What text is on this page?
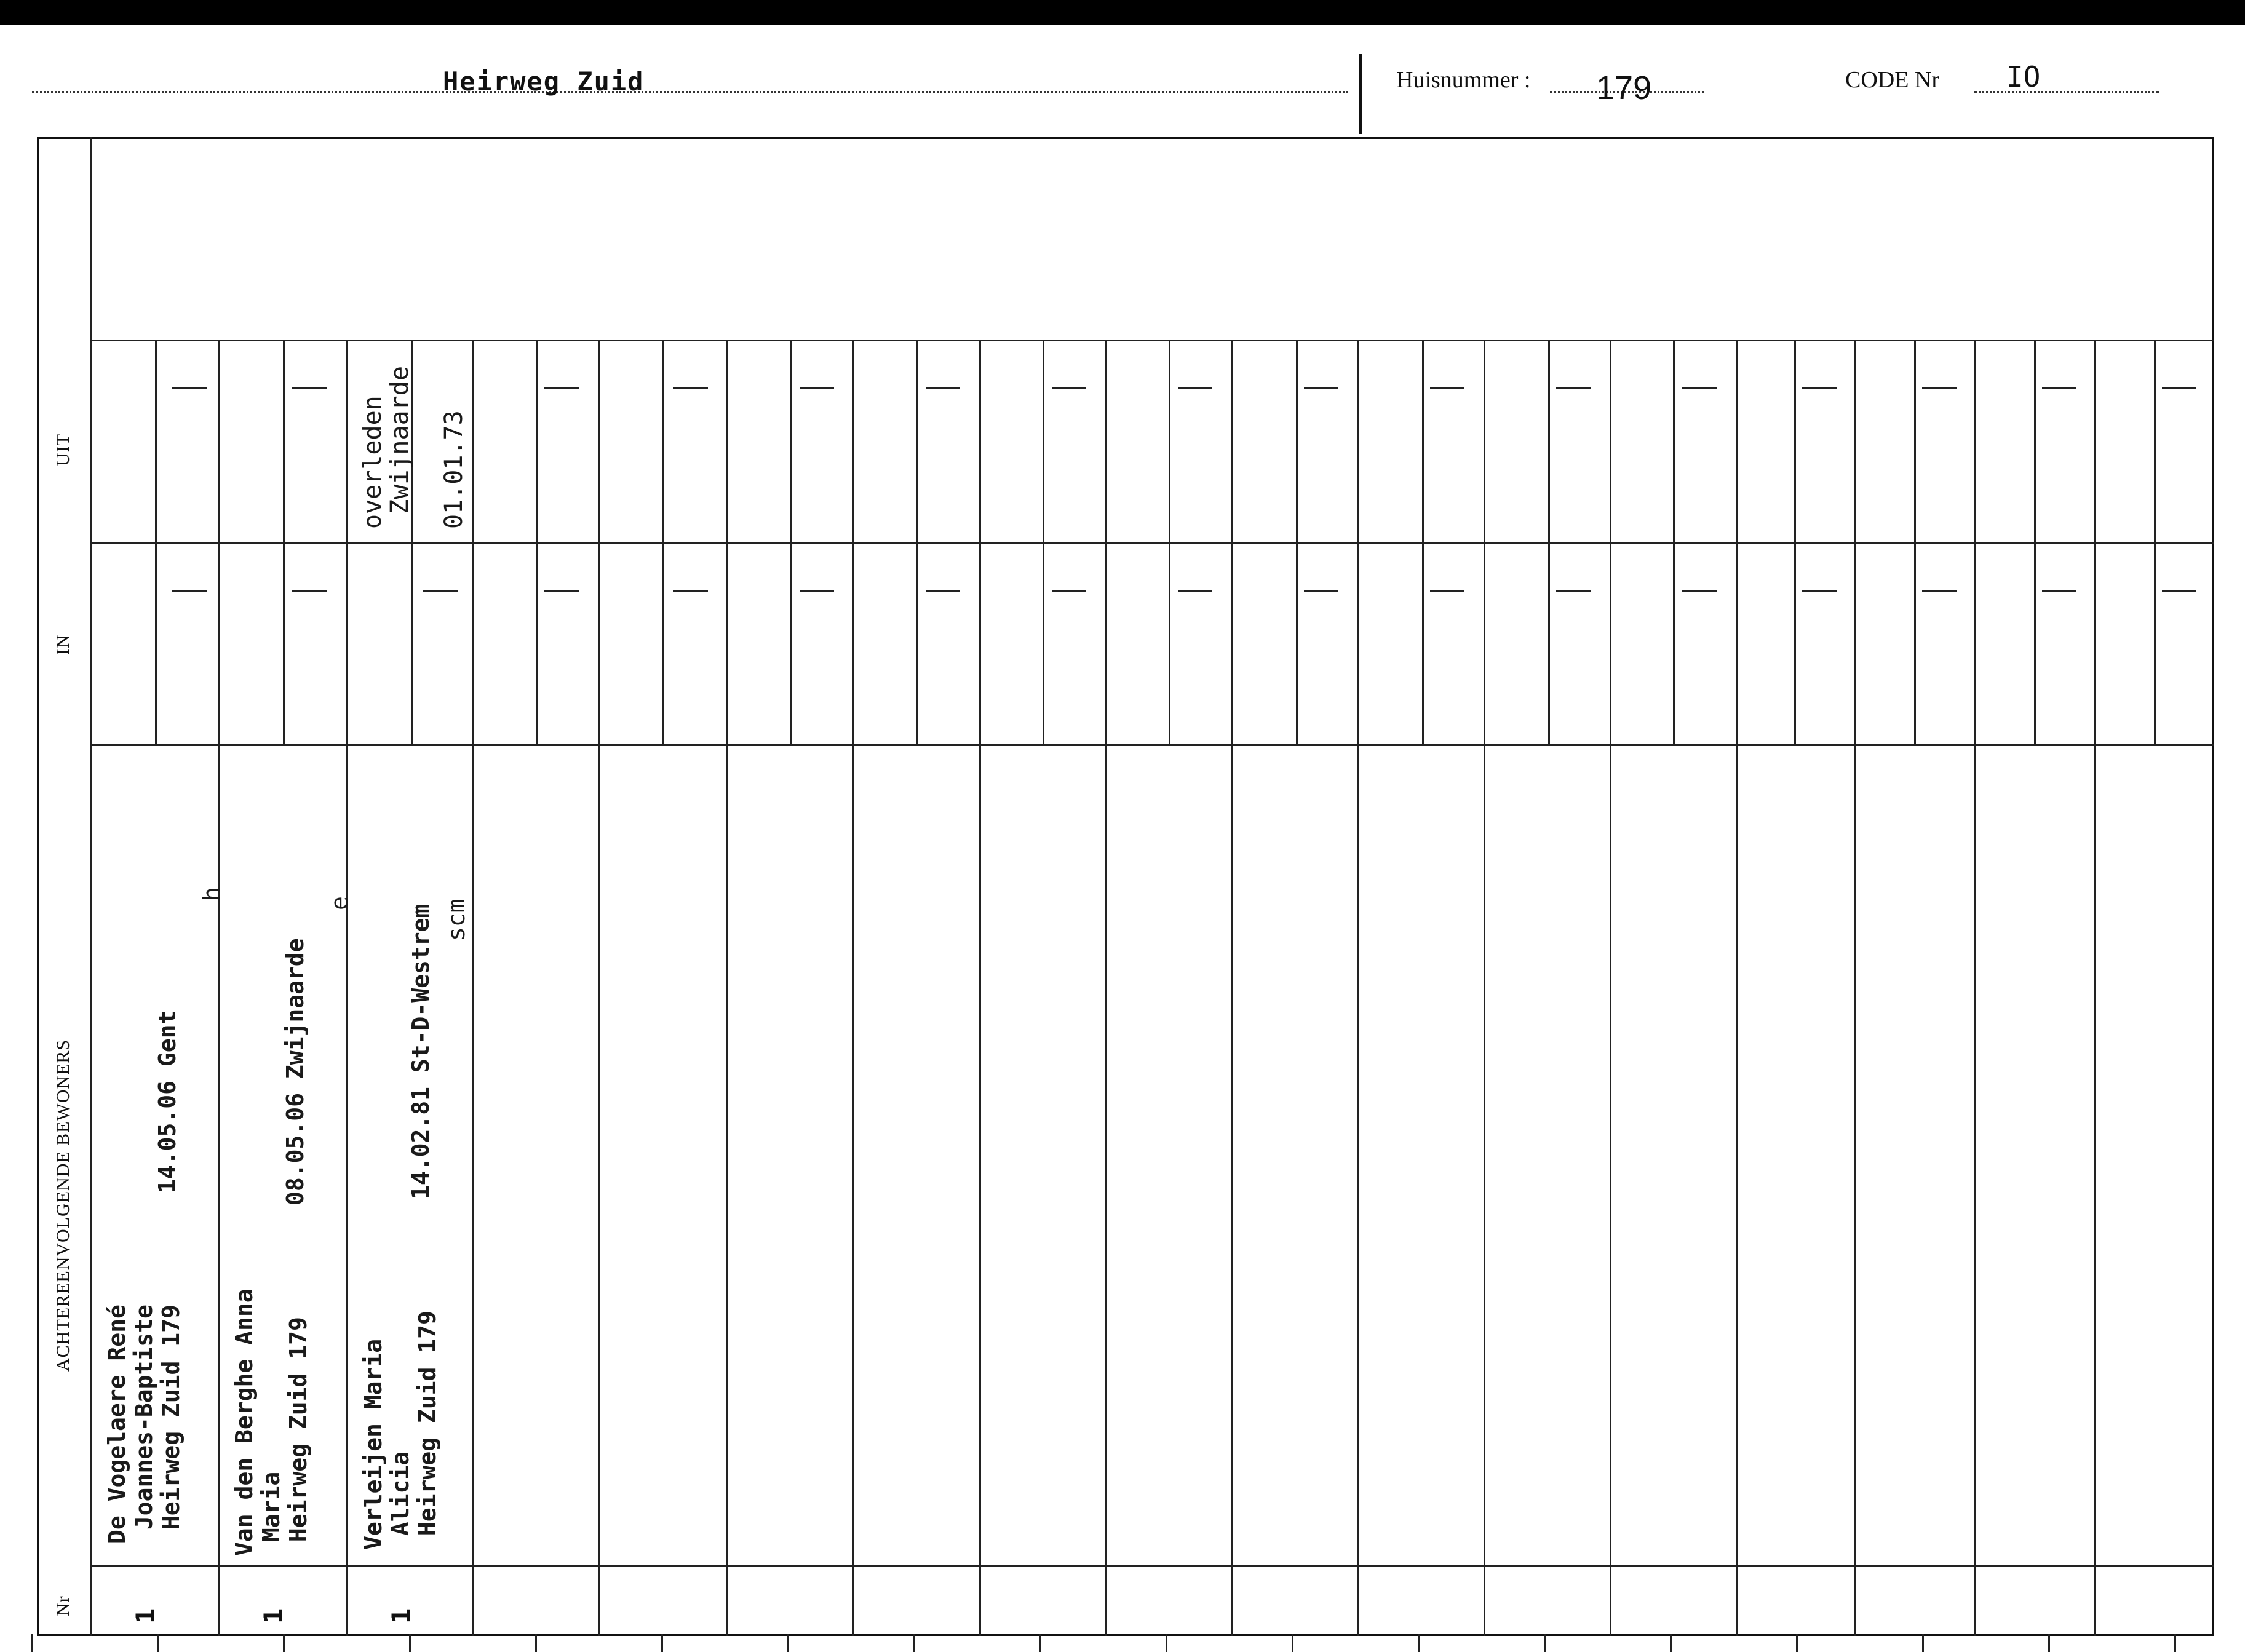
Heirweg Zuid	Huisnummer : 179	CODE Nr IO
UIT
IN
ACHTEREENVOLGENDE BEWONERS
Nr
De Vogelaere René
Joannes-Baptiste
Heirweg Zuid 179
14.05.06 Gent
h
1
Van den Berghe Anna
Maria
Heirweg Zuid 179
08.05.06 Zwijnaarde
e
1
Verleijen Maria
Alicia
Heirweg Zuid 179
14.02.81 St-D-Westrem scm
1
overleden
Zwijnaarde

01.01.73
